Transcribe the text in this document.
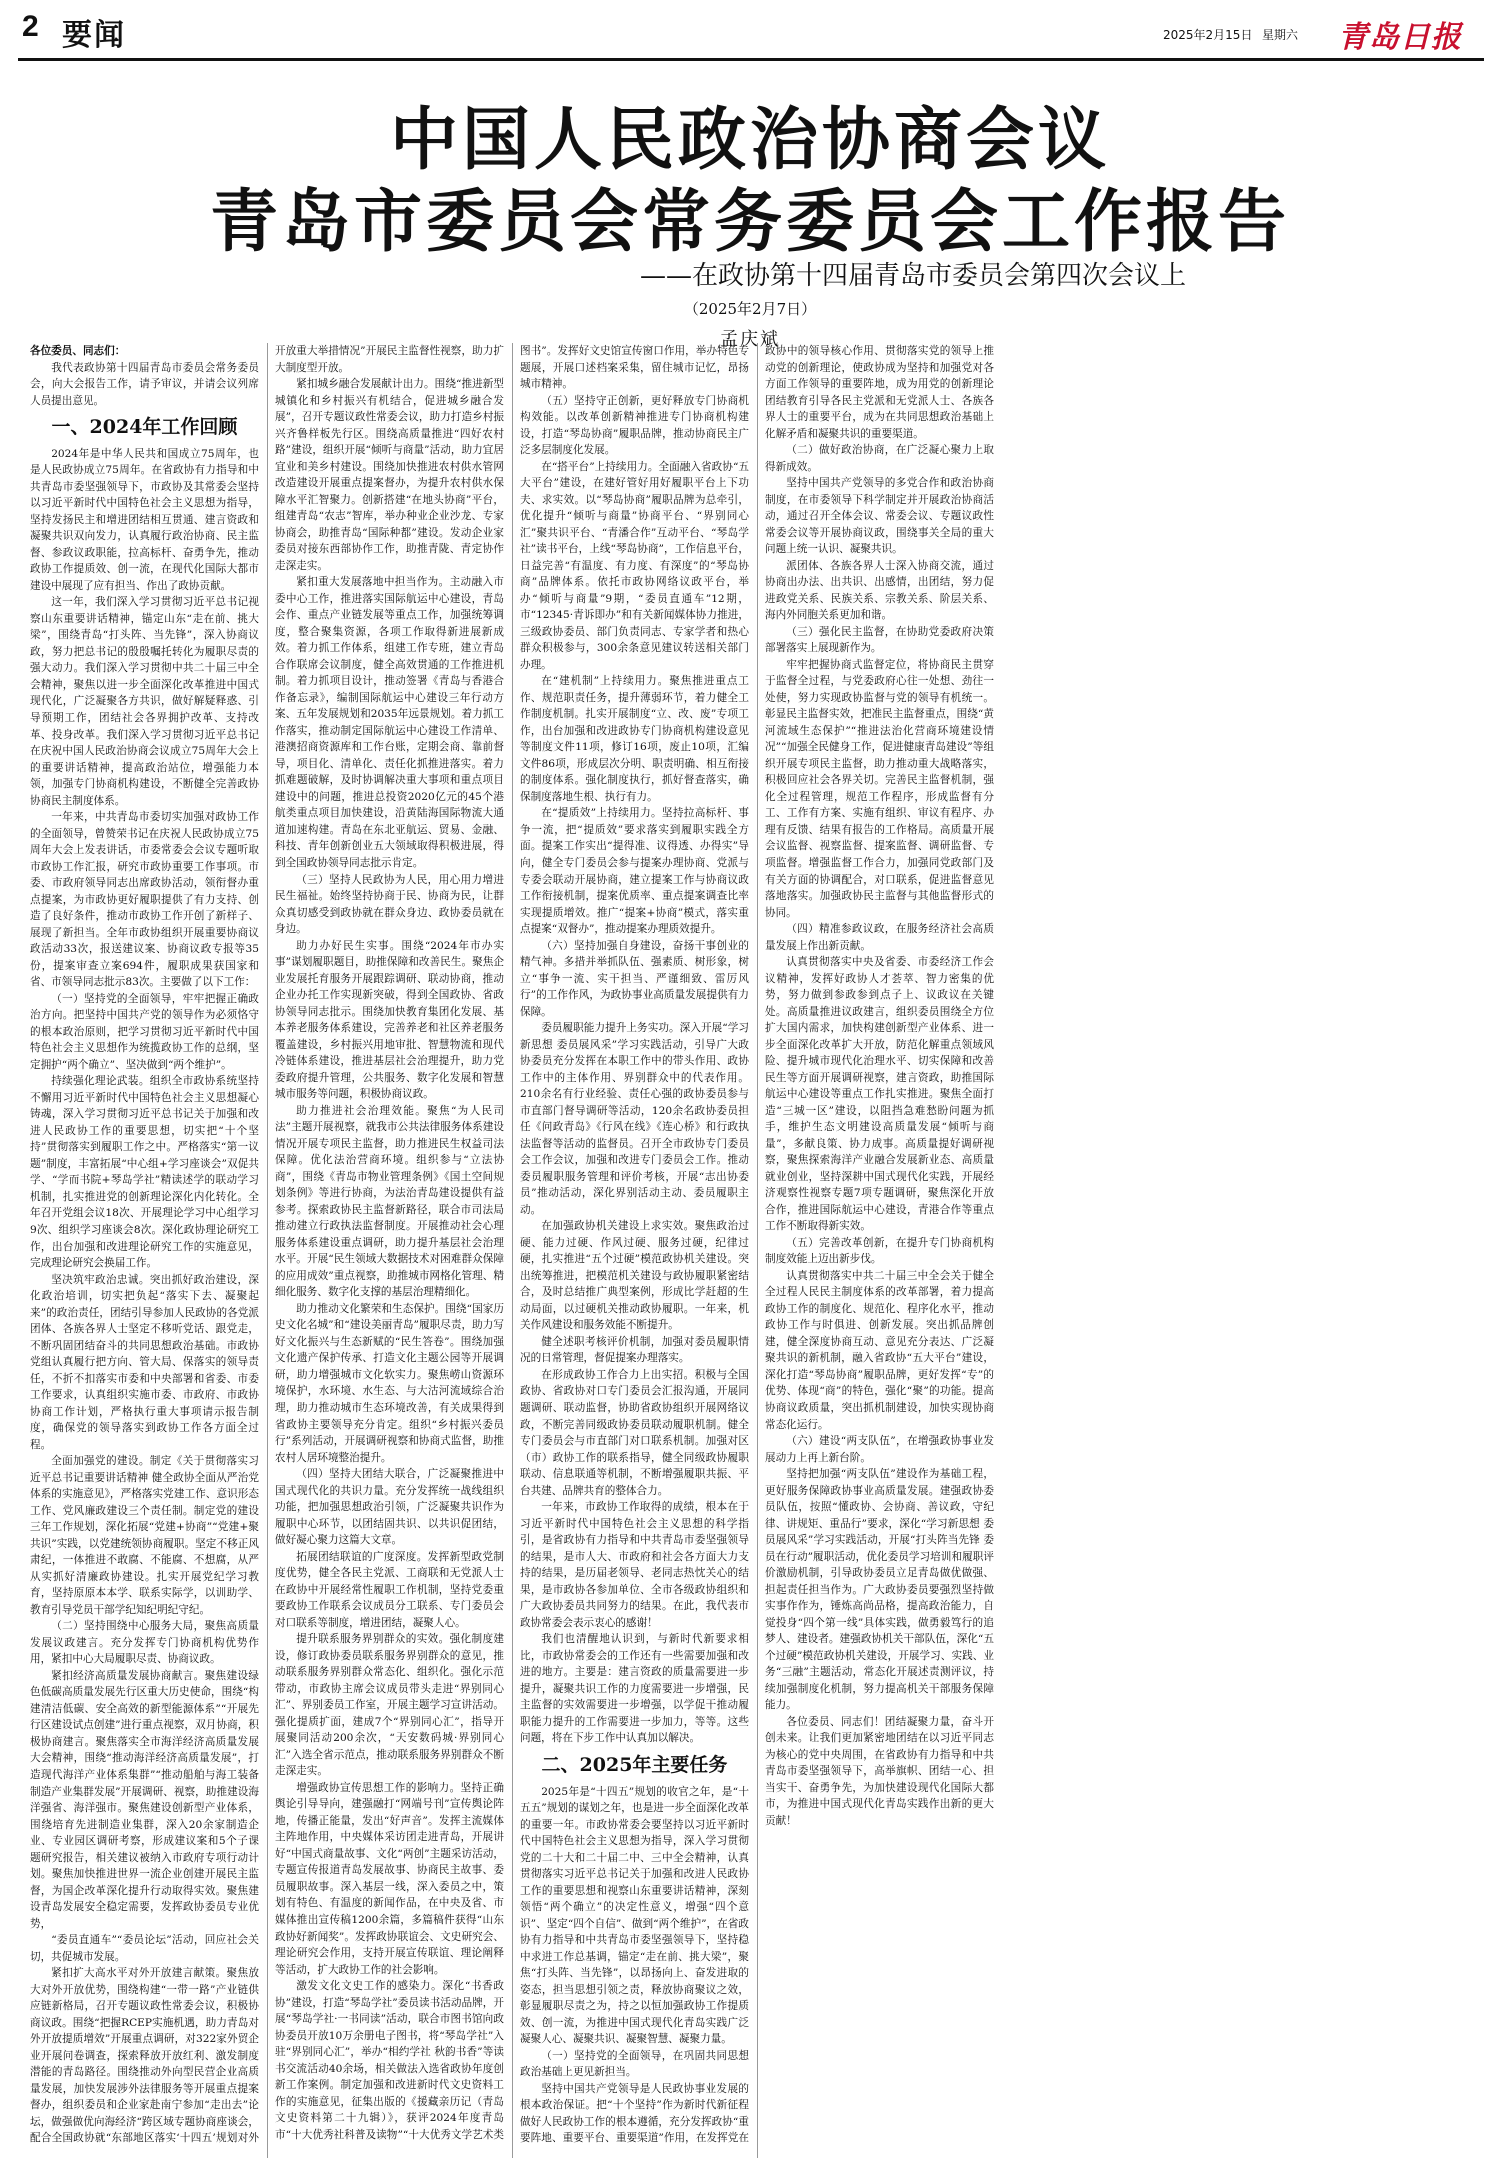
2 要闻	2025年2月15日 星期六 青岛日报
中国人民政治协商会议
青岛市委员会常务委员会工作报告
——在政协第十四届青岛市委员会第四次会议上
（2025年2月7日）
孟庆斌

各位委员、同志们：

我代表政协第十四届青岛市委员会常务委员会，向大会报告工作，请予审议，并请会议列席人员提出意见。

一、2024年工作回顾

2024年是中华人民共和国成立75周年，也是人民政协成立75周年。在省政协有力指导和中共青岛市委坚强领导下，市政协及其常委会坚持以习近平新时代中国特色社会主义思想为指导，坚持发扬民主和增进团结相互贯通、建言资政和凝聚共识双向发力，认真履行政治协商、民主监督、参政议政职能，拉高标杆、奋勇争先，推动政协工作提质效、创一流，在现代化国际大都市建设中展现了应有担当、作出了政协贡献。

这一年，我们深入学习贯彻习近平总书记视察山东重要讲话精神，锚定山东“走在前、挑大梁”，围绕青岛“打头阵、当先锋”，深入协商议政，努力把总书记的殷殷嘱托转化为履职尽责的强大动力。我们深入学习贯彻中共二十届三中全会精神，聚焦以进一步全面深化改革推进中国式现代化，广泛凝聚各方共识，做好解疑释惑、引导预期工作，团结社会各界拥护改革、支持改革、投身改革。我们深入学习贯彻习近平总书记在庆祝中国人民政治协商会议成立75周年大会上的重要讲话精神，提高政治站位，增强能力本领，加强专门协商机构建设，不断健全完善政协协商民主制度体系。

一年来，中共青岛市委切实加强对政协工作的全面领导，曾赞荣书记在庆祝人民政协成立75周年大会上发表讲话，市委常委会会议专题听取市政协工作汇报，研究市政协重要工作事项。市委、市政府领导同志出席政协活动，领衔督办重点提案，为市政协更好履职提供了有力支持、创造了良好条件，推动市政协工作开创了新样子、展现了新担当。全年市政协组织开展重要协商议政活动33次，报送建议案、协商议政专报等35份，提案审查立案694件，履职成果获国家和省、市领导同志批示83次。主要做了以下工作：

（一）坚持党的全面领导，牢牢把握正确政治方向。把坚持中国共产党的领导作为必须恪守的根本政治原则，把学习贯彻习近平新时代中国特色社会主义思想作为统揽政协工作的总纲，坚定拥护“两个确立”、坚决做到“两个维护”。

持续强化理论武装。组织全市政协系统坚持不懈用习近平新时代中国特色社会主义思想凝心铸魂，深入学习贯彻习近平总书记关于加强和改进人民政协工作的重要思想，切实把“十个坚持”贯彻落实到履职工作之中。严格落实“第一议题”制度，丰富拓展“中心组+学习座谈会”双促共学、“学而书院+琴岛学社”精读述学的联动学习机制，扎实推进党的创新理论深化内化转化。全年召开党组会议18次、开展理论学习中心组学习9次、组织学习座谈会8次。深化政协理论研究工作，出台加强和改进理论研究工作的实施意见，完成理论研究会换届工作。

坚决筑牢政治忠诚。突出抓好政治建设，深化政治培训，切实把负起“落实下去、凝聚起来”的政治责任，团结引导参加人民政协的各党派团体、各族各界人士坚定不移听党话、跟党走，不断巩固团结奋斗的共同思想政治基础。市政协党组认真履行把方向、管大局、保落实的领导责任，不折不扣落实市委和中央部署和省委、市委工作要求，认真组织实施市委、市政府、市政协协商工作计划，严格执行重大事项请示报告制度，确保党的领导落实到政协工作各方面全过程。

全面加强党的建设。制定《关于贯彻落实习近平总书记重要讲话精神 健全政协全面从严治党体系的实施意见》，严格落实党建工作、意识形态工作、党风廉政建设三个责任制。制定党的建设三年工作规划，深化拓展“党建+协商”“党建+聚共识”实践，以党建统领协商履职。坚定不移正风肃纪，一体推进不敢腐、不能腐、不想腐，从严从实抓好清廉政协建设。扎实开展党纪学习教育，坚持原原本本学、联系实际学，以训助学、教育引导党员干部学纪知纪明纪守纪。

（二）坚持围绕中心服务大局，聚焦高质量发展议政建言。充分发挥专门协商机构优势作用，紧扣中心大局履职尽责、协商议政。

紧扣经济高质量发展协商献言。聚焦建设绿色低碳高质量发展先行区重大历史使命，围绕“构建清洁低碳、安全高效的新型能源体系”“开展先行区建设试点创建”进行重点视察，双月协商，积极协商建言。聚焦落实全市海洋经济高质量发展大会精神，围绕“推动海洋经济高质量发展”，打造现代海洋产业体系集群”“推动船舶与海工装备制造产业集群发展”开展调研、视察，助推建设海洋强省、海洋强市。聚焦建设创新型产业体系，围绕培育先进制造业集群，深入20余家制造企业、专业园区调研考察，形成建议案和5个子课题研究报告，相关建议被纳入市政府专项行动计划。聚焦加快推进世界一流企业创建开展民主监督，为国企改革深化提升行动取得实效。聚焦建设青岛发展安全稳定需要，发挥政协委员专业优势，

“委员直通车”“委员论坛”活动，回应社会关切，共促城市发展。

紧扣扩大高水平对外开放建言献策。聚焦放大对外开放优势，围绕构建“一带一路”产业链供应链新格局，召开专题议政性常委会议，积极协商议政。围绕“把握RCEP实施机遇，助力青岛对外开放提质增效”开展重点调研，对322家外贸企业开展问卷调查，探索释放开放红利、激发制度潜能的青岛路径。围绕推动外向型民营企业高质量发展，加快发展涉外法律服务等开展重点提案督办，组织委员和企业家赴南宁参加“走出去”论坛，做强做优向海经济“跨区域专题协商座谈会，配合全国政协就“东部地区落实‘十四五’规划对外开放重大举措情况”开展民主监督性视察，助力扩大制度型开放。

紧扣城乡融合发展献计出力。围绕“推进新型城镇化和乡村振兴有机结合，促进城乡融合发展”，召开专题议政性常委会议，助力打造乡村振兴齐鲁样板先行区。围绕高质量推进“四好农村路”建设，组织开展“倾听与商量”活动，助力宜居宜业和美乡村建设。围绕加快推进农村供水管网改造建设开展重点提案督办，为提升农村供水保障水平汇智聚力。创新搭建“在地头协商”平台，组建青岛“农志”智库，举办种业企业沙龙、专家协商会，助推青岛“国际种都”建设。发动企业家委员对接东西部协作工作，助推青陇、青定协作走深走实。

紧扣重大发展落地中担当作为。主动融入市委中心工作，推进落实国际航运中心建设，青岛会作、重点产业链发展等重点工作，加强统筹调度，整合聚集资源，各项工作取得新进展新成效。着力抓工作体系，组建工作专班，建立青岛合作联席会议制度，健全高效贯通的工作推进机制。着力抓项目设计，推动签署《青岛与香港合作备忘录》，编制国际航运中心建设三年行动方案、五年发展规划和2035年远景规划。着力抓工作落实，推动制定国际航运中心建设工作清单、港澳招商资源库和工作台账，定期会商、靠前督导，项目化、清单化、责任化抓推进落实。着力抓难题破解，及时协调解决重大事项和重点项目建设中的问题，推进总投资2020亿元的45个港航类重点项目加快建设，沿黄陆海国际物流大通道加速构建。青岛在东北亚航运、贸易、金融、科技、青年创新创业五大领域取得积极进展，得到全国政协领导同志批示肯定。

（三）坚持人民政协为人民，用心用力增进民生福祉。始终坚持协商于民、协商为民，让群众真切感受到政协就在群众身边、政协委员就在身边。

助力办好民生实事。围绕“2024年市办实事”谋划履职题目，助推保障和改善民生。聚焦企业发展托育服务开展跟踪调研、联动协商，推动企业办托工作实现新突破，得到全国政协、省政协领导同志批示。围绕加快教育集团化发展、基本养老服务体系建设，完善养老和社区养老服务覆盖建设，乡村振兴用地审批、智慧物流和现代冷链体系建设，推进基层社会治理提升，助力党委政府提升管理，公共服务、数字化发展和智慧城市服务等问题，积极协商议政。

助力推进社会治理效能。聚焦“为人民司法”主题开展视察，就我市公共法律服务体系建设情况开展专项民主监督，助力推进民生权益司法保障。优化法治营商环境。组织参与“立法协商”，围绕《青岛市物业管理条例》《国土空间规划条例》等进行协商，为法治青岛建设提供有益参考。探索政协民主监督新路径，联合市司法局推动建立行政执法监督制度。开展推动社会心理服务体系建设重点调研，助力提升基层社会治理水平。开展“民生领域大数据技术对困难群众保障的应用成效”重点视察，助推城市网格化管理、精细化服务、数字化支撑的基层治理精细化。

助力推动文化繁荣和生态保护。围绕“国家历史文化名城”和“建设美丽青岛”履职尽责，助力写好文化振兴与生态新赋的“民生答卷”。围绕加强文化遗产保护传承、打造文化主题公园等开展调研，助力增强城市文化软实力。聚焦崂山资源环境保护，水环境、水生态、与大沽河流域综合治理，助力推动城市生态环境改善，有关成果得到省政协主要领导充分肯定。组织“乡村振兴委员行”系列活动，开展调研视察和协商式监督，助推农村人居环境整治提升。

（四）坚持大团结大联合，广泛凝聚推进中国式现代化的共识力量。充分发挥统一战线组织功能，把加强思想政治引领，广泛凝聚共识作为履职中心环节，以团结固共识、以共识促团结，做好凝心聚力这篇大文章。

拓展团结联谊的广度深度。发挥新型政党制度优势，健全各民主党派、工商联和无党派人士在政协中开展经常性履职工作机制，坚持党委重要政协工作联系会议成员分工联系、专门委员会对口联系等制度，增进团结，凝聚人心。

提升联系服务界别群众的实效。强化制度建设，修订政协委员联系服务界别群众的意见，推动联系服务界别群众常态化、组织化。强化示范带动，市政协主席会议成员带头走进“界别同心汇”、界别委员工作室，开展主题学习宣讲活动。强化提质扩面，建成7个“界别同心汇”，指导开展聚同活动200余次，“天安数码城·界别同心汇”入选全省示范点，推动联系服务界别群众不断走深走实。

增强政协宣传思想工作的影响力。坚持正确舆论引导导向，建强融打“网端号刊”宣传舆论阵地，传播正能量，发出“好声音”。发挥主流媒体主阵地作用，中央媒体采访团走进青岛，开展讲好“中国式商量故事、文化“两创”主题采访活动，专题宣传报道青岛发展故事、协商民主故事、委员履职故事。深入基层一线，深入委员之中，策划有特色、有温度的新闻作品，在中央及省、市媒体推出宣传稿1200余篇，多篇稿件获得“山东政协好新闻奖”。发挥政协联谊会、文史研究会、理论研究会作用，支持开展宣传联谊、理论阐释等活动，扩大政协工作的社会影响。

激发文化文史工作的感染力。深化“书香政协”建设，打造“琴岛学社”委员读书活动品牌，开展“琴岛学社·一书同读”活动，联合市图书馆向政协委员开放10万余册电子图书，将“琴岛学社”入驻“界别同心汇”，举办“相约学社 秋韵书香”等读书交流活动40余场，相关做法入选省政协年度创新工作案例。制定加强和改进新时代文史资料工作的实施意见，征集出版的《援藏亲历记（青岛文史资料第二十九辑）》，获评2024年度青岛市“十大优秀社科普及读物”“十大优秀文学艺术类图书”。发挥好文史馆宣传窗口作用，举办特色专题展，开展口述档案采集，留住城市记忆，昂扬城市精神。

（五）坚持守正创新，更好释放专门协商机构效能。以改革创新精神推进专门协商机构建设，打造“琴岛协商”履职品牌，推动协商民主广泛多层制度化发展。

在“搭平台”上持续用力。全面融入省政协“五大平台”建设，在建好管好用好履职平台上下功夫、求实效。以“琴岛协商”履职品牌为总牵引，优化提升“倾听与商量”协商平台、“界别同心汇”聚共识平台、“青潘合作”互动平台、“琴岛学社”读书平台，上线“琴岛协商”，工作信息平台，日益完善“有温度、有力度、有深度”的“琴岛协商”品牌体系。依托市政协网络议政平台，举办“倾听与商量”9期，“委员直通车”12期，市“12345·青诉即办”和有关新闻媒体协力推进，三级政协委员、部门负责同志、专家学者和热心群众积极参与，300余条意见建议转送相关部门办理。

在“建机制”上持续用力。聚焦推进重点工作、规范职责任务，提升薄弱环节，着力健全工作制度机制。扎实开展制度“立、改、废”专项工作，出台加强和改进政协专门协商机构建设意见等制度文件11项，修订16项，废止10项，汇编文件86项，形成层次分明、职责明确、相互衔接的制度体系。强化制度执行，抓好督查落实，确保制度落地生根、执行有力。

在“提质效”上持续用力。坚持拉高标杆、事争一流，把“提质效”要求落实到履职实践全方面。提案工作实出“提得准、议得透、办得实”导向，健全专门委员会参与提案办理协商、党派与专委会联动开展协商，建立提案工作与协商议政工作衔接机制，提案优质率、重点提案调查比率实现提质增效。推广“提案+协商”模式，落实重点提案“双督办”，推动提案办理质效提升。

（六）坚持加强自身建设，奋扬干事创业的精气神。多措并举抓队伍、强素质、树形象，树立“事争一流、实干担当、严谨细致、雷厉风行”的工作作风，为政协事业高质量发展提供有力保障。

委员履职能力提升上务实功。深入开展“学习新思想 委员展风采”学习实践活动，引导广大政协委员充分发挥在本职工作中的带头作用、政协工作中的主体作用、界别群众中的代表作用。210余名有行业经验、责任心强的政协委员参与市直部门督导调研等活动，120余名政协委员担任《问政青岛》《行风在线》《连心桥》和行政执法监督等活动的监督员。召开全市政协专门委员会工作会议，加强和改进专门委员会工作。推动委员履职服务管理和评价考核，开展“志出协委员”推动活动，深化界别活动主动、委员履职主动。

在加强政协机关建设上求实效。聚焦政治过硬、能力过硬、作风过硬、服务过硬，纪律过硬，扎实推进“五个过硬”模范政协机关建设。突出统筹推进，把模范机关建设与政协履职紧密结合，及时总结推广典型案例，形成比学赶超的生动局面，以过硬机关推动政协履职。一年来，机关作风建设和服务效能不断提升。

健全述职考核评价机制，加强对委员履职情况的日常管理，督促提案办理落实。

在形成政协工作合力上出实招。积极与全国政协、省政协对口专门委员会汇报沟通，开展同题调研、联动监督，协助省政协组织开展网络议政，不断完善同级政协委员联动履职机制。健全专门委员会与市直部门对口联系机制。加强对区（市）政协工作的联系指导，健全同级政协履职联动、信息联通等机制，不断增强履职共振、平台共建、品牌共育的整体合力。

一年来，市政协工作取得的成绩，根本在于习近平新时代中国特色社会主义思想的科学指引，是省政协有力指导和中共青岛市委坚强领导的结果，是市人大、市政府和社会各方面大力支持的结果，是历届老领导、老同志热忱关心的结果，是市政协各参加单位、全市各级政协组织和广大政协委员共同努力的结果。在此，我代表市政协常委会表示衷心的感谢！

我们也清醒地认识到，与新时代新要求相比，市政协常委会的工作还有一些需要加强和改进的地方。主要是：建言资政的质量需要进一步提升，凝聚共识工作的力度需要进一步增强，民主监督的实效需要进一步增强，以学促干推动履职能力提升的工作需要进一步加力，等等。这些问题，将在下步工作中认真加以解决。

二、2025年主要任务

2025年是“十四五”规划的收官之年，是“十五五”规划的谋划之年，也是进一步全面深化改革的重要一年。市政协常委会要坚持以习近平新时代中国特色社会主义思想为指导，深入学习贯彻党的二十大和二十届二中、三中全会精神，认真贯彻落实习近平总书记关于加强和改进人民政协工作的重要思想和视察山东重要讲话精神，深刻领悟“两个确立”的决定性意义，增强“四个意识”、坚定“四个自信”、做到“两个维护”，在省政协有力指导和中共青岛市委坚强领导下，坚持稳中求进工作总基调，锚定“走在前、挑大梁”，聚焦“打头阵、当先锋”，以昂扬向上、奋发进取的姿态，担当思想引领之责，释放协商聚议之效，彰显履职尽责之为，持之以恒加强政协工作提质效、创一流，为推进中国式现代化青岛实践广泛凝聚人心、凝聚共识、凝聚智慧、凝聚力量。

（一）坚持党的全面领导，在巩固共同思想政治基础上更见新担当。

坚持中国共产党领导是人民政协事业发展的根本政治保证。把“十个坚持”作为新时代新征程做好人民政协工作的根本遵循，充分发挥政协“重要阵地、重要平台、重要渠道”作用，在发挥党在政协中的领导核心作用、贯彻落实党的领导上推动党的创新理论，使政协成为坚持和加强党对各方面工作领导的重要阵地，成为用党的创新理论团结教育引导各民主党派和无党派人士、各族各界人士的重要平台，成为在共同思想政治基础上化解矛盾和凝聚共识的重要渠道。

（二）做好政治协商，在广泛凝心聚力上取得新成效。

坚持中国共产党领导的多党合作和政治协商制度，在市委领导下科学制定并开展政治协商活动，通过召开全体会议、常委会议、专题议政性常委会议等开展协商议政，围绕事关全局的重大问题上统一认识、凝聚共识。

派团体、各族各界人士深入协商交流，通过协商出办法、出共识、出感情，出团结，努力促进政党关系、民族关系、宗教关系、阶层关系、海内外同胞关系更加和谐。

（三）强化民主监督，在协助党委政府决策部署落实上展现新作为。

牢牢把握协商式监督定位，将协商民主贯穿于监督全过程，与党委政府心往一处想、劲往一处使，努力实现政协监督与党的领导有机统一。彰显民主监督实效，把准民主监督重点，围绕“黄河流域生态保护”“推进法治化营商环境建设情况”“加强全民健身工作，促进健康青岛建设”等组织开展专项民主监督，助力推动重大战略落实，积极回应社会各界关切。完善民主监督机制，强化全过程管理，规范工作程序，形成监督有分工、工作有方案、实施有组织、审议有程序、办理有反馈、结果有报告的工作格局。高质量开展会议监督、视察监督、提案监督、调研监督、专项监督。增强监督工作合力，加强同党政部门及有关方面的协调配合，对口联系，促进监督意见落地落实。加强政协民主监督与其他监督形式的协同。

（四）精准参政议政，在服务经济社会高质量发展上作出新贡献。

认真贯彻落实中央及省委、市委经济工作会议精神，发挥好政协人才荟萃、智力密集的优势，努力做到参政参到点子上、议政议在关键处。高质量推进议政建言，组织委员围绕全方位扩大国内需求，加快构建创新型产业体系、进一步全面深化改革扩大开放，防范化解重点领域风险、提升城市现代化治理水平、切实保障和改善民生等方面开展调研视察，建言资政，助推国际航运中心建设等重点工作扎实推进。聚焦全面打造“三城一区”建设，以阻挡急难愁盼问题为抓手，维护生态文明建设高质量发展“倾听与商量”，多献良策、协力成事。高质量提好调研视察，聚焦探索海洋产业融合发展新业态、高质量就业创业，坚持深耕中国式现代化实践，开展经济观察性视察专题7项专题调研，聚焦深化开放合作，推进国际航运中心建设，青港合作等重点工作不断取得新实效。

（五）完善改革创新，在提升专门协商机构制度效能上迈出新步伐。

认真贯彻落实中共二十届三中全会关于健全全过程人民民主制度体系的改革部署，着力提高政协工作的制度化、规范化、程序化水平，推动政协工作与时俱进、创新发展。突出抓品牌创建，健全深度协商互动、意见充分表达、广泛凝聚共识的新机制，融入省政协“五大平台”建设，深化打造“琴岛协商”履职品牌，更好发挥“专”的优势、体现“商”的特色，强化“聚”的功能。提高协商议政质量，突出抓机制建设，加快实现协商常态化运行。

（六）建设“两支队伍”，在增强政协事业发展动力上再上新台阶。

坚持把加强“两支队伍”建设作为基础工程，更好服务保障政协事业高质量发展。建强政协委员队伍，按照“懂政协、会协商、善议政，守纪律、讲规矩、重品行”要求，深化“学习新思想 委员展风采”学习实践活动，开展“打头阵当先锋 委员在行动”履职活动，优化委员学习培训和履职评价激励机制，引导政协委员立足青岛做优做强、担起责任担当作为。广大政协委员要强烈坚持做实事作作为，锤炼高尚品格，提高政治能力，自觉投身“四个第一线”具体实践，做勇毅笃行的追梦人、建设者。建强政协机关干部队伍，深化“五个过硬”模范政协机关建设，开展学习、实践、业务“三融”主题活动，常态化开展述责测评议，持续加强制度化机制，努力提高机关干部服务保障能力。

各位委员、同志们！团结凝聚力量，奋斗开创未来。让我们更加紧密地团结在以习近平同志为核心的党中央周围，在省政协有力指导和中共青岛市委坚强领导下，高举旗帜、团结一心、担当实干、奋勇争先，为加快建设现代化国际大都市，为推进中国式现代化青岛实践作出新的更大贡献！
